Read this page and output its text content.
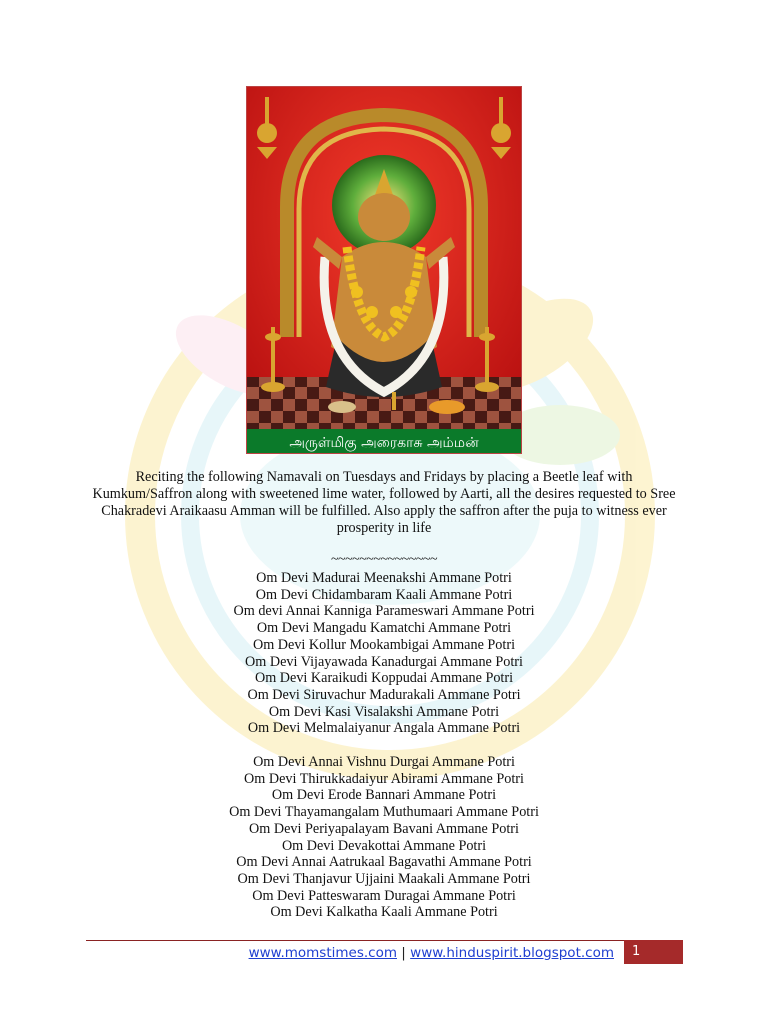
அருள்மிகு அரைகாசு அம்மன்

Reciting the following Namavali on Tuesdays and Fridays by placing a Beetle leaf with Kumkum/Saffron along with sweetened lime water, followed by Aarti, all the desires requested to Sree Chakradevi Araikaasu Amman will be fulfilled. Also apply the saffron after the puja to witness ever prosperity in life

~~~~~~~~~~~~~~~
Om Devi Madurai Meenakshi Ammane Potri
Om Devi Chidambaram Kaali Ammane Potri
Om devi Annai Kanniga Parameswari Ammane Potri
Om Devi Mangadu Kamatchi Ammane Potri
Om Devi Kollur Mookambigai Ammane Potri
Om Devi Vijayawada Kanadurgai Ammane Potri
Om Devi Karaikudi Koppudai Ammane Potri
Om Devi Siruvachur Madurakali Ammane Potri
Om Devi Kasi Visalakshi Ammane Potri
Om Devi Melmalaiyanur Angala Ammane Potri
Om Devi Annai Vishnu Durgai Ammane Potri
Om Devi Thirukkadaiyur Abirami Ammane Potri
Om Devi Erode Bannari Ammane Potri
Om Devi Thayamangalam Muthumaari Ammane Potri
Om Devi Periyapalayam Bavani Ammane Potri
Om Devi Devakottai Ammane Potri
Om Devi Annai Aatrukaal Bagavathi Ammane Potri
Om Devi Thanjavur Ujjaini Maakali Ammane Potri
Om Devi Patteswaram Duragai Ammane Potri
Om Devi Kalkatha Kaali Ammane Potri
www.momstimes.com | www.hinduspirit.blogspot.com	1
